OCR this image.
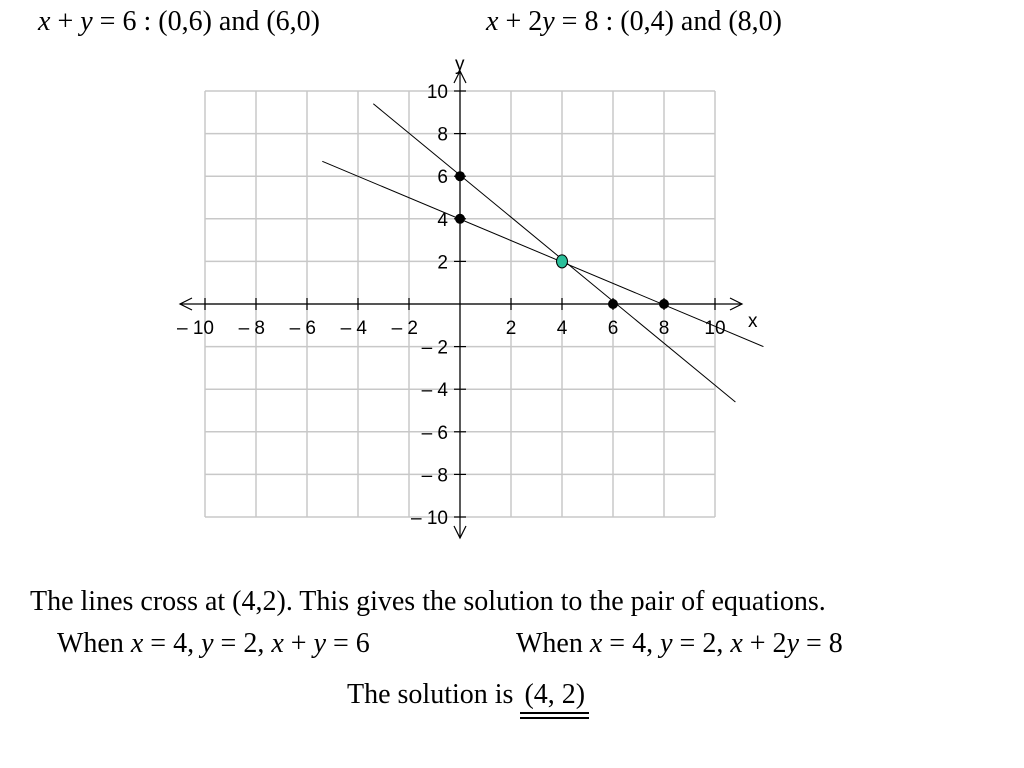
x + y = 6 : (0,6) and (6,0)	x + 2y = 8 : (0,4) and (8,0)
x
y
– 10 – 8 – 6 – 4 – 2	2 4 6 8 10
– 10
– 8
– 6
– 4
– 2
2
4
6
8
10
The lines cross at (4,2). This gives the solution to the pair of equations.
When x = 4, y = 2, x + y = 6	When x = 4, y = 2, x + 2y = 8
The solution is (4, 2)
